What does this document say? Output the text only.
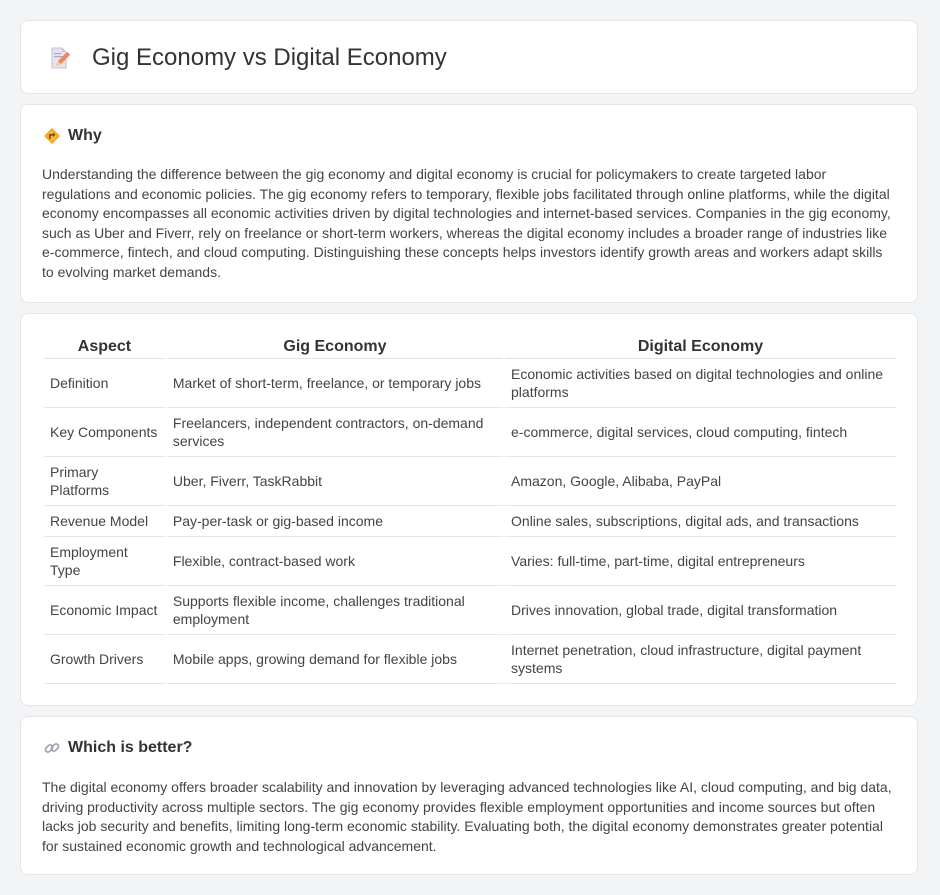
Gig Economy vs Digital Economy
Why

Understanding the difference between the gig economy and digital economy is crucial for policymakers to create targeted labor regulations and economic policies. The gig economy refers to temporary, flexible jobs facilitated through online platforms, while the digital economy encompasses all economic activities driven by digital technologies and internet-based services. Companies in the gig economy, such as Uber and Fiverr, rely on freelance or short-term workers, whereas the digital economy includes a broader range of industries like e-commerce, fintech, and cloud computing. Distinguishing these concepts helps investors identify growth areas and workers adapt skills to evolving market demands.

Aspect	Gig Economy	Digital Economy
Definition	Market of short-term, freelance, or temporary jobs	Economic activities based on digital technologies and online platforms
Key Components	Freelancers, independent contractors, on-demand services	e-commerce, digital services, cloud computing, fintech
Primary Platforms	Uber, Fiverr, TaskRabbit	Amazon, Google, Alibaba, PayPal
Revenue Model	Pay-per-task or gig-based income	Online sales, subscriptions, digital ads, and transactions
Employment Type	Flexible, contract-based work	Varies: full-time, part-time, digital entrepreneurs
Economic Impact	Supports flexible income, challenges traditional employment	Drives innovation, global trade, digital transformation
Growth Drivers	Mobile apps, growing demand for flexible jobs	Internet penetration, cloud infrastructure, digital payment systems
Which is better?

The digital economy offers broader scalability and innovation by leveraging advanced technologies like AI, cloud computing, and big data, driving productivity across multiple sectors. The gig economy provides flexible employment opportunities and income sources but often lacks job security and benefits, limiting long-term economic stability. Evaluating both, the digital economy demonstrates greater potential for sustained economic growth and technological advancement.
